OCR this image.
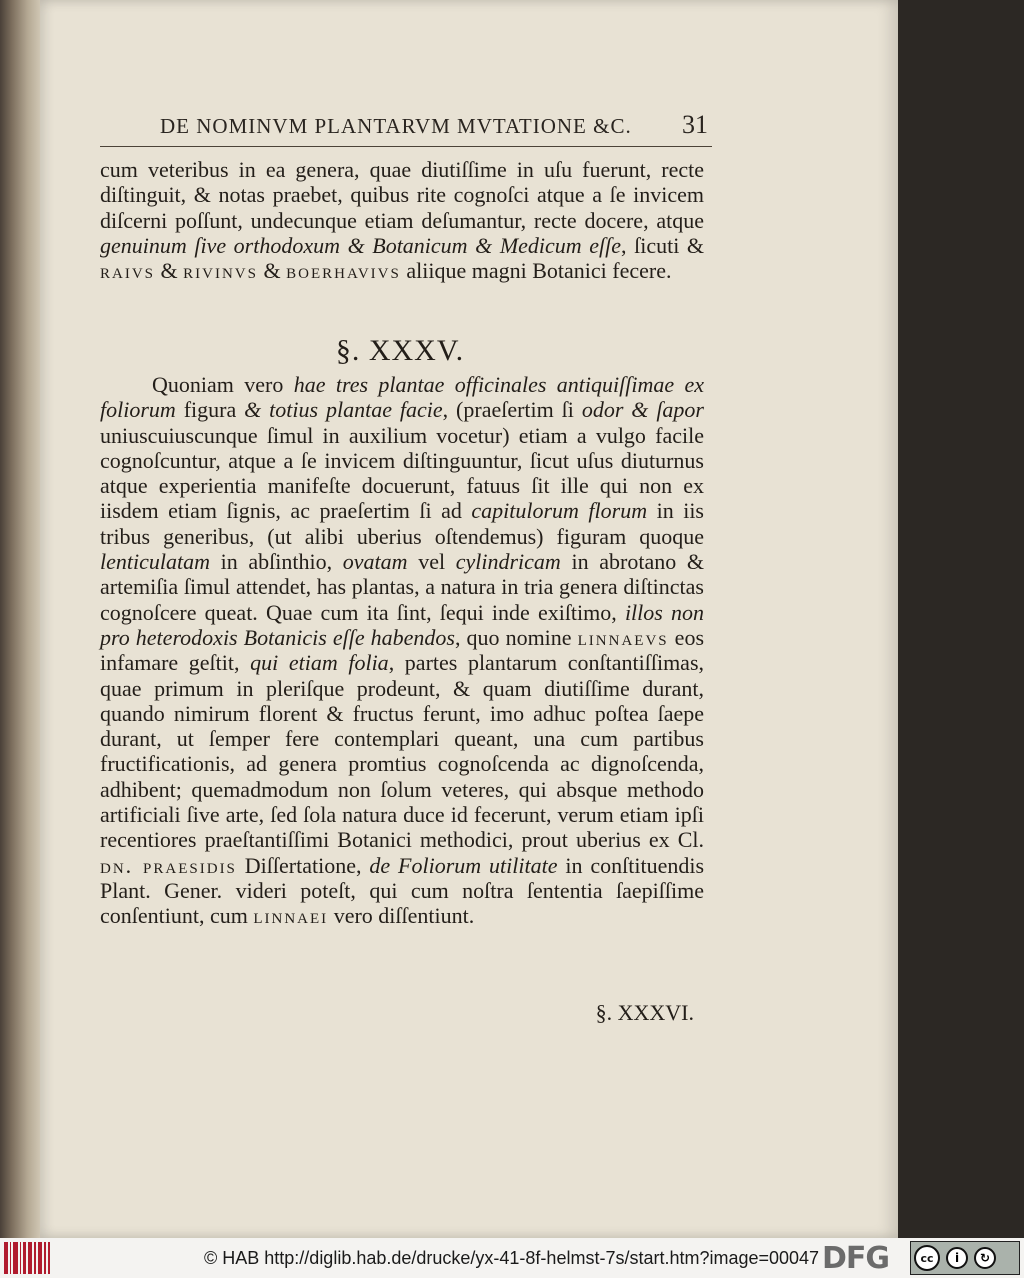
DE NOMINVM PLANTARVM MVTATIONE &C. 31

cum veteribus in ea genera, quae diutiſſime in uſu fuerunt, recte diſtinguit, & notas praebet, quibus rite cognoſci atque a ſe invicem diſcerni poſſunt, undecunque etiam deſumantur, recte docere, atque genuinum ſive orthodoxum & Botanicum & Medicum eſſe, ſicuti & raivs & rivinvs & boerhavivs aliique magni Botanici fecere.

§. XXXV.

Quoniam vero hae tres plantae officinales antiquiſſimae ex foliorum figura & totius plantae facie, (praeſertim ſi odor & ſapor uniuscuiuscunque ſimul in auxilium vocetur) etiam a vulgo facile cognoſcuntur, atque a ſe invicem diſtinguuntur, ſicut uſus diuturnus atque experientia manifeſte docuerunt, fatuus ſit ille qui non ex iisdem etiam ſignis, ac praeſertim ſi ad capitulorum florum in iis tribus generibus, (ut alibi uberius oſtendemus) figuram quoque lenticulatam in abſinthio, ovatam vel cylindricam in abrotano & artemiſia ſimul attendet, has plantas, a natura in tria genera diſtinctas cognoſcere queat. Quae cum ita ſint, ſequi inde exiſtimo, illos non pro heterodoxis Botanicis eſſe habendos, quo nomine linnaevs eos infamare geſtit, qui etiam folia, partes plantarum conſtantiſſimas, quae primum in pleriſque prodeunt, & quam diutiſſime durant, quando nimirum florent & fructus ferunt, imo adhuc poſtea ſaepe durant, ut ſemper fere contemplari queant, una cum partibus fructificationis, ad genera promtius cognoſcenda ac dignoſcenda, adhibent; quemadmodum non ſolum veteres, qui absque methodo artificiali ſive arte, ſed ſola natura duce id fecerunt, verum etiam ipſi recentiores praeſtantiſſimi Botanici methodici, prout uberius ex Cl. dn. praesidis Diſſertatione, de Foliorum utilitate in conſtituendis Plant. Gener. videri poteſt, qui cum noſtra ſententia ſaepiſſime conſentiunt, cum linnaei vero diſſentiunt.

§. XXXVI.
© HAB http://diglib.hab.de/drucke/yx-41-8f-helmst-7s/start.htm?image=00047 DFG	cc	i	↻
